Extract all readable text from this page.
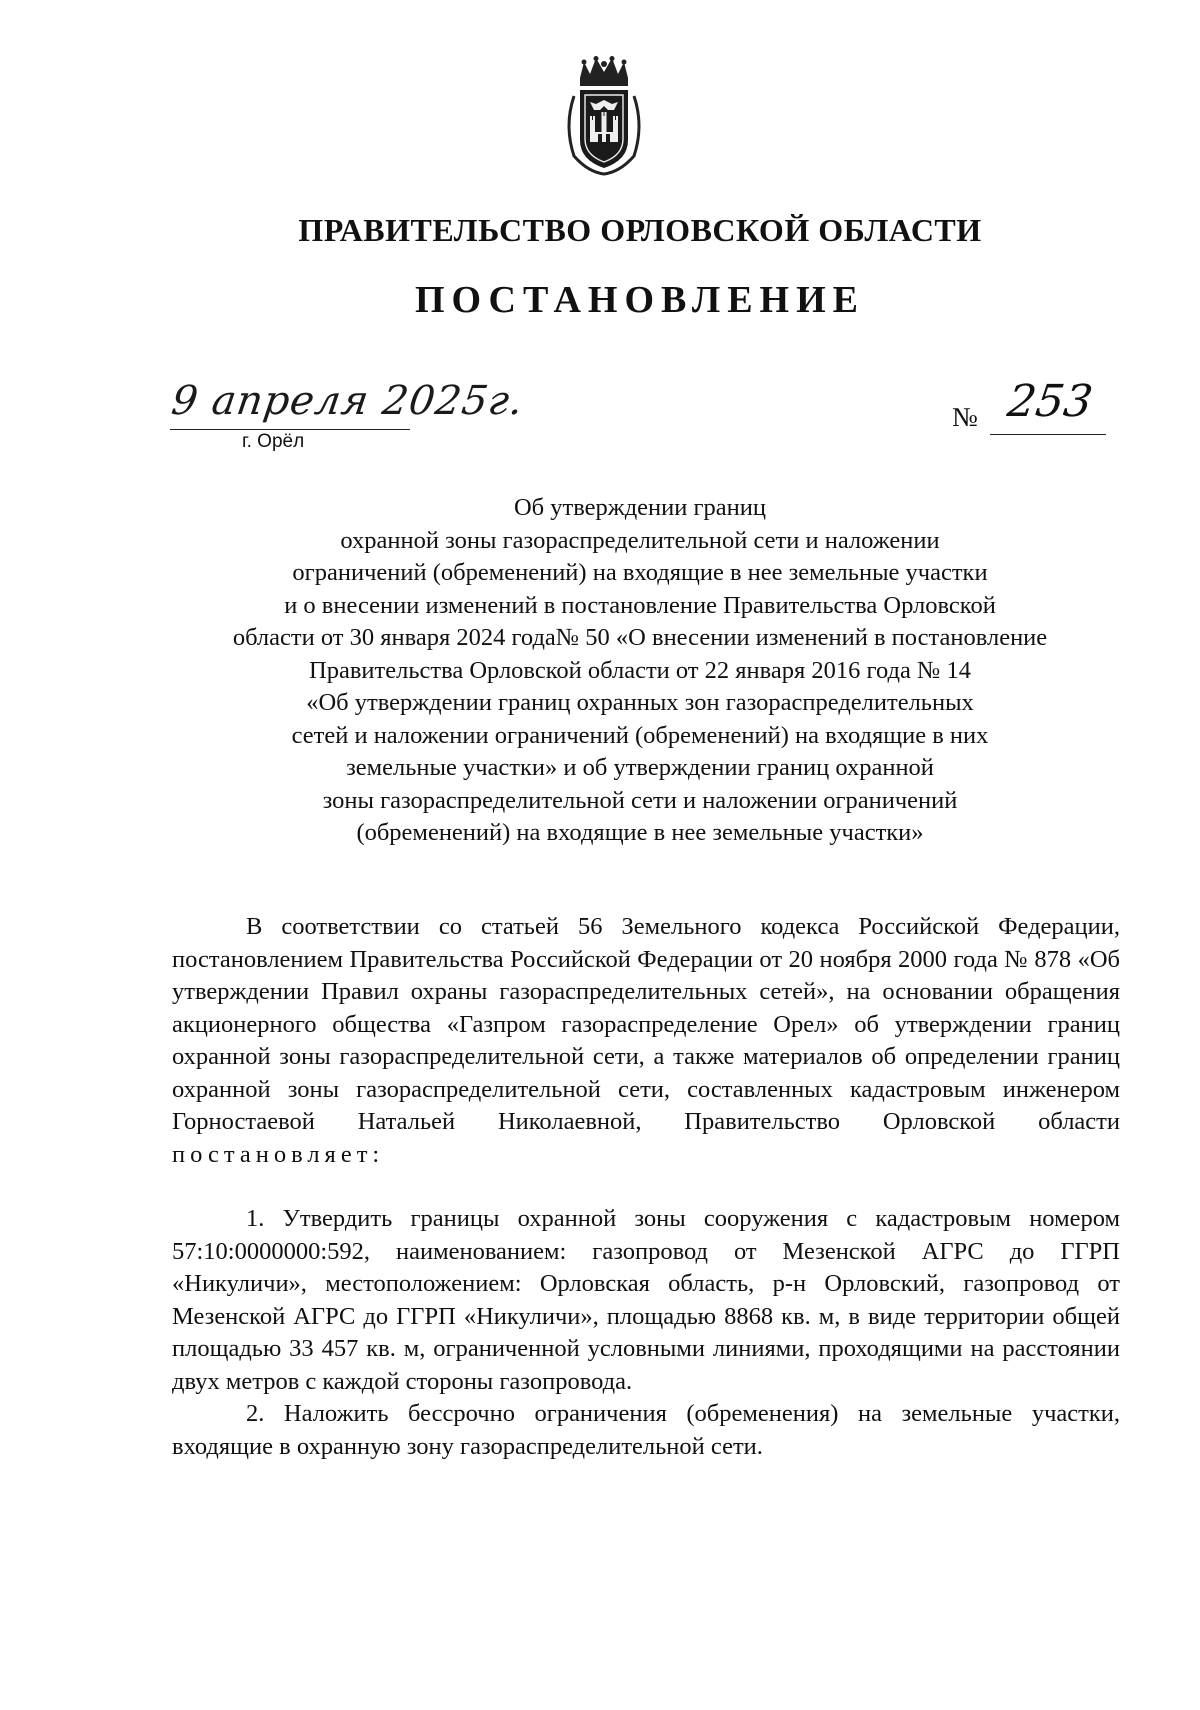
ПРАВИТЕЛЬСТВО ОРЛОВСКОЙ ОБЛАСТИ
ПОСТАНОВЛЕНИЕ
9 апреля 2025г.
г. Орёл
№ 253
Об утверждении границ
охранной зоны газораспределительной сети и наложении
ограничений (обременений) на входящие в нее земельные участки
и о внесении изменений в постановление Правительства Орловской
области от 30 января 2024 года№ 50 «О внесении изменений в постановление
Правительства Орловской области от 22 января 2016 года № 14
«Об утверждении границ охранных зон газораспределительных
сетей и наложении ограничений (обременений) на входящие в них
земельные участки» и об утверждении границ охранной
зоны газораспределительной сети и наложении ограничений
(обременений) на входящие в нее земельные участки»

В соответствии со статьей 56 Земельного кодекса Российской Федерации, постановлением Правительства Российской Федерации от 20 ноября 2000 года № 878 «Об утверждении Правил охраны газораспределительных сетей», на основании обращения акционерного общества «Газпром газораспределение Орел» об утверждении границ охранной зоны газораспределительной сети, а также материалов об определении границ охранной зоны газораспределительной сети, составленных кадастровым инженером Горностаевой Натальей Николаевной, Правительство Орловской области постановляет:

1. Утвердить границы охранной зоны сооружения с кадастровым номером 57:10:0000000:592, наименованием: газопровод от Мезенской АГРС до ГГРП «Никуличи», местоположением: Орловская область, р-н Орловский, газопровод от Мезенской АГРС до ГГРП «Никуличи», площадью 8868 кв. м, в виде территории общей площадью 33 457 кв. м, ограниченной условными линиями, проходящими на расстоянии двух метров с каждой стороны газопровода.

2. Наложить бессрочно ограничения (обременения) на земельные участки, входящие в охранную зону газораспределительной сети.
